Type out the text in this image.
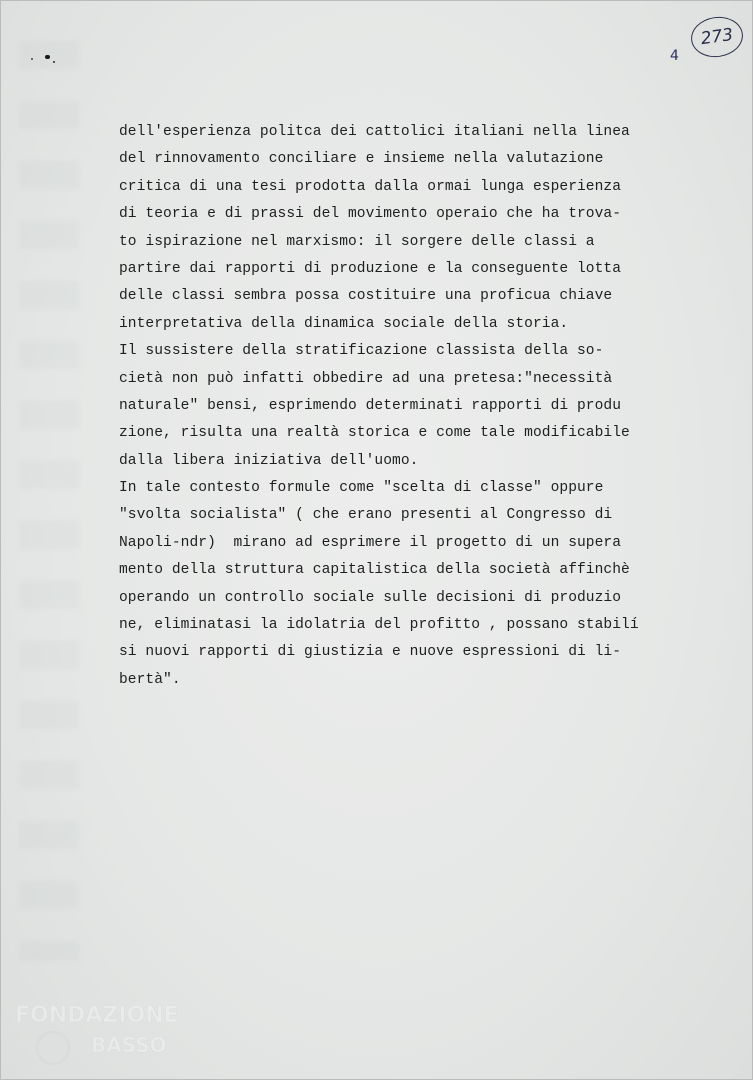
273
4
dell'esperienza politca dei cattolici italiani nella linea
del rinnovamento conciliare e insieme nella valutazione
critica di una tesi prodotta dalla ormai lunga esperienza
di teoria e di prassi del movimento operaio che ha trova-
to ispirazione nel marxismo: il sorgere delle classi a
partire dai rapporti di produzione e la conseguente lotta
delle classi sembra possa costituire una proficua chiave
interpretativa della dinamica sociale della storia.
Il sussistere della stratificazione classista della so-
cietà non può infatti obbedire ad una pretesa:"necessità
naturale" bensi, esprimendo determinati rapporti di produ
zione, risulta una realtà storica e come tale modificabile
dalla libera iniziativa dell'uomo.
In tale contesto formule come "scelta di classe" oppure
"svolta socialista" ( che erano presenti al Congresso di
Napoli-ndr)  mirano ad esprimere il progetto di un supera
mento della struttura capitalistica della società affinchè
operando un controllo sociale sulle decisioni di produzio
ne, eliminatasi la idolatria del profitto , possano stabilí
si nuovi rapporti di giustizia e nuove espressioni di li-
bertà".
FONDAZIONE
BASSO
